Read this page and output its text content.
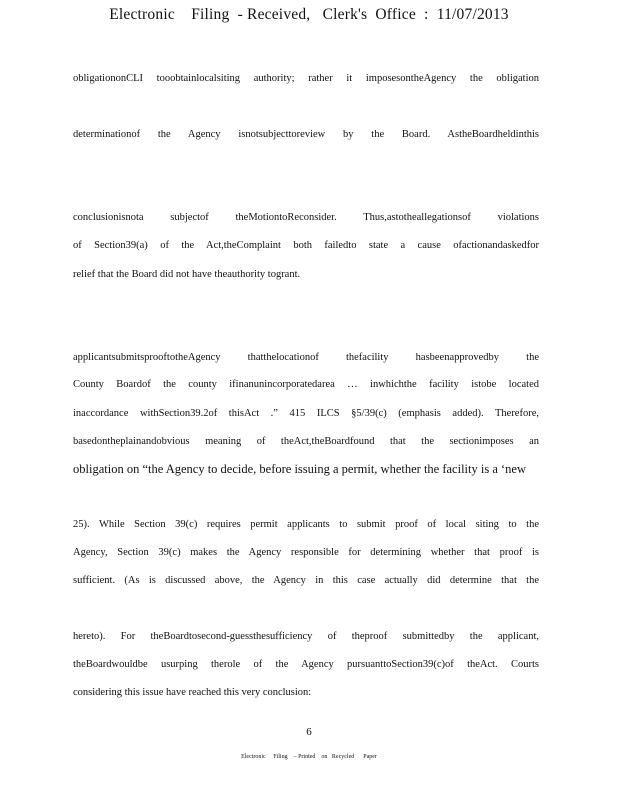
Electronic    Filing  - Received,   Clerk's  Office  :  11/07/2013
obligationonCLI tooobtainlocalsiting authority; rather it imposesontheAgency the obligation
determinationof the Agency isnotsubjecttoreview by the Board. AstheBoardheldinthis
conclusionisnota subjectof theMotiontoReconsider. Thus,astotheallegationsof violations
of Section39(a) of the Act,theComplaint both failedto state a cause ofactionandaskedfor
relief that the Board did not have theauthority togrant.
applicantsubmitsprooftotheAgency thatthelocationof thefacility hasbeenapprovedby the
County Boardof the county ifinanunincorporatedarea … inwhichthe facility istobe located
inaccordance withSection39.2of thisAct .” 415 ILCS §5/39(c) (emphasis added). Therefore,
basedontheplainandobvious meaning of theAct,theBoardfound that the sectionimposes an
obligation on “the Agency to decide, before issuing a permit, whether the facility is a ‘new
25). While Section 39(c) requires permit applicants to submit proof of local siting to the
Agency, Section 39(c) makes the Agency responsible for determining whether that proof is
sufficient. (As is discussed above, the Agency in this case actually did determine that the
hereto). For theBoardtosecond-guessthesufficiency of theproof submittedby the applicant,
theBoardwouldbe usurping therole of the Agency pursuanttoSection39(c)of theAct. Courts
considering this issue have reached this very conclusion:
6
Electronic     Filing    – Printed    on   Recycled      Paper
